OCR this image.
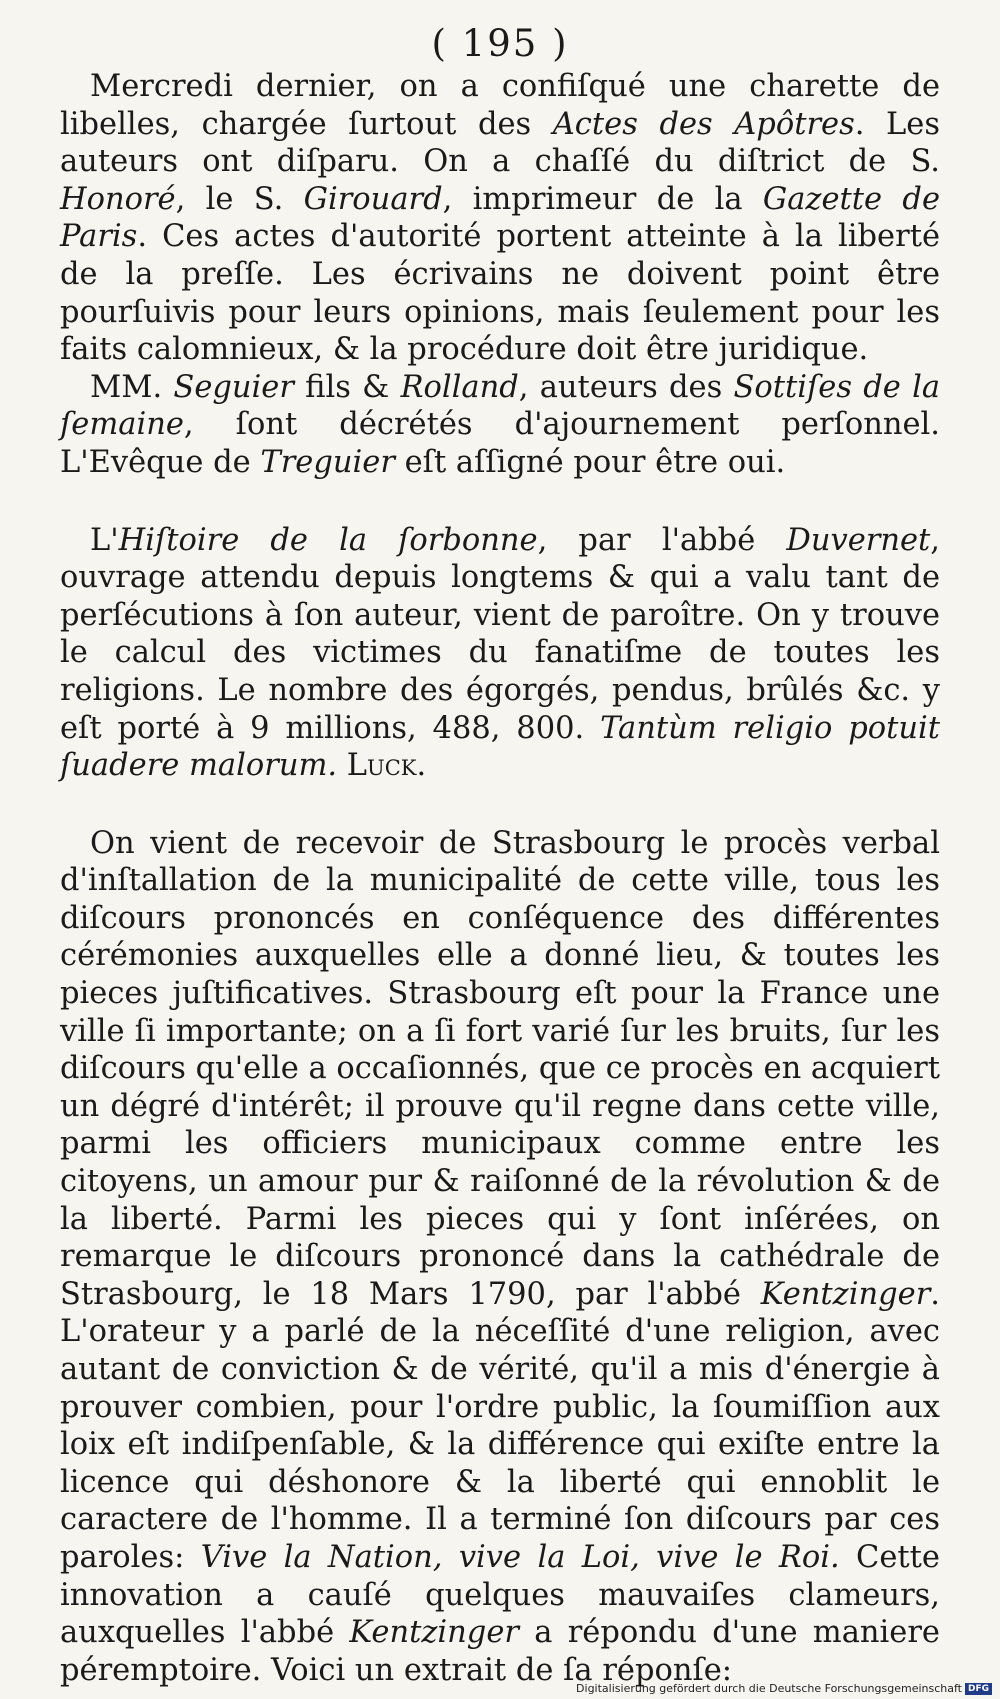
( 195 )

Mercredi dernier, on a confiſqué une charette de libelles, chargée ſurtout des Actes des Apôtres. Les auteurs ont diſparu. On a chaſſé du diſtrict de S. Honoré, le S. Girouard, imprimeur de la Gazette de Paris. Ces actes d'autorité portent atteinte à la liberté de la preſſe. Les écrivains ne doivent point être pourſuivis pour leurs opinions, mais ſeulement pour les faits calomnieux, & la procédure doit être juridique.

MM. Seguier fils & Rolland, auteurs des Sottiſes de la ſemaine, ſont décrétés d'ajournement perſonnel. L'Evêque de Treguier eſt aſſigné pour être oui.

L'Hiſtoire de la ſorbonne, par l'abbé Duvernet, ouvrage attendu depuis longtems & qui a valu tant de perſécutions à ſon auteur, vient de paroître. On y trouve le calcul des victimes du fanatiſme de toutes les religions. Le nombre des égorgés, pendus, brûlés &c. y eſt porté à 9 millions, 488, 800. Tantùm religio potuit ſuadere malorum. Luck.

On vient de recevoir de Strasbourg le procès verbal d'inſtallation de la municipalité de cette ville, tous les diſcours prononcés en conſéquence des différentes cérémonies auxquelles elle a donné lieu, & toutes les pieces juſtificatives. Strasbourg eſt pour la France une ville ſi importante; on a ſi fort varié ſur les bruits, ſur les diſcours qu'elle a occaſionnés, que ce procès en acquiert un dégré d'intérêt; il prouve qu'il regne dans cette ville, parmi les officiers municipaux comme entre les citoyens, un amour pur & raiſonné de la révolution & de la liberté. Parmi les pieces qui y ſont inſérées, on remarque le diſcours prononcé dans la cathédrale de Strasbourg, le 18 Mars 1790, par l'abbé Kentzinger. L'orateur y a parlé de la néceſſité d'une religion, avec autant de conviction & de vérité, qu'il a mis d'énergie à prouver combien, pour l'ordre public, la ſoumiſſion aux loix eſt indiſpenſable, & la différence qui exiſte entre la licence qui déshonore & la liberté qui ennoblit le caractere de l'homme. Il a terminé ſon diſcours par ces paroles: Vive la Nation, vive la Loi, vive le Roi. Cette innovation a cauſé quelques mauvaiſes clameurs, auxquelles l'abbé Kentzinger a répondu d'une maniere péremptoire. Voici un extrait de ſa réponſe:

Digitalisierung gefördert durch die Deutsche Forschungsgemeinschaft DFG
